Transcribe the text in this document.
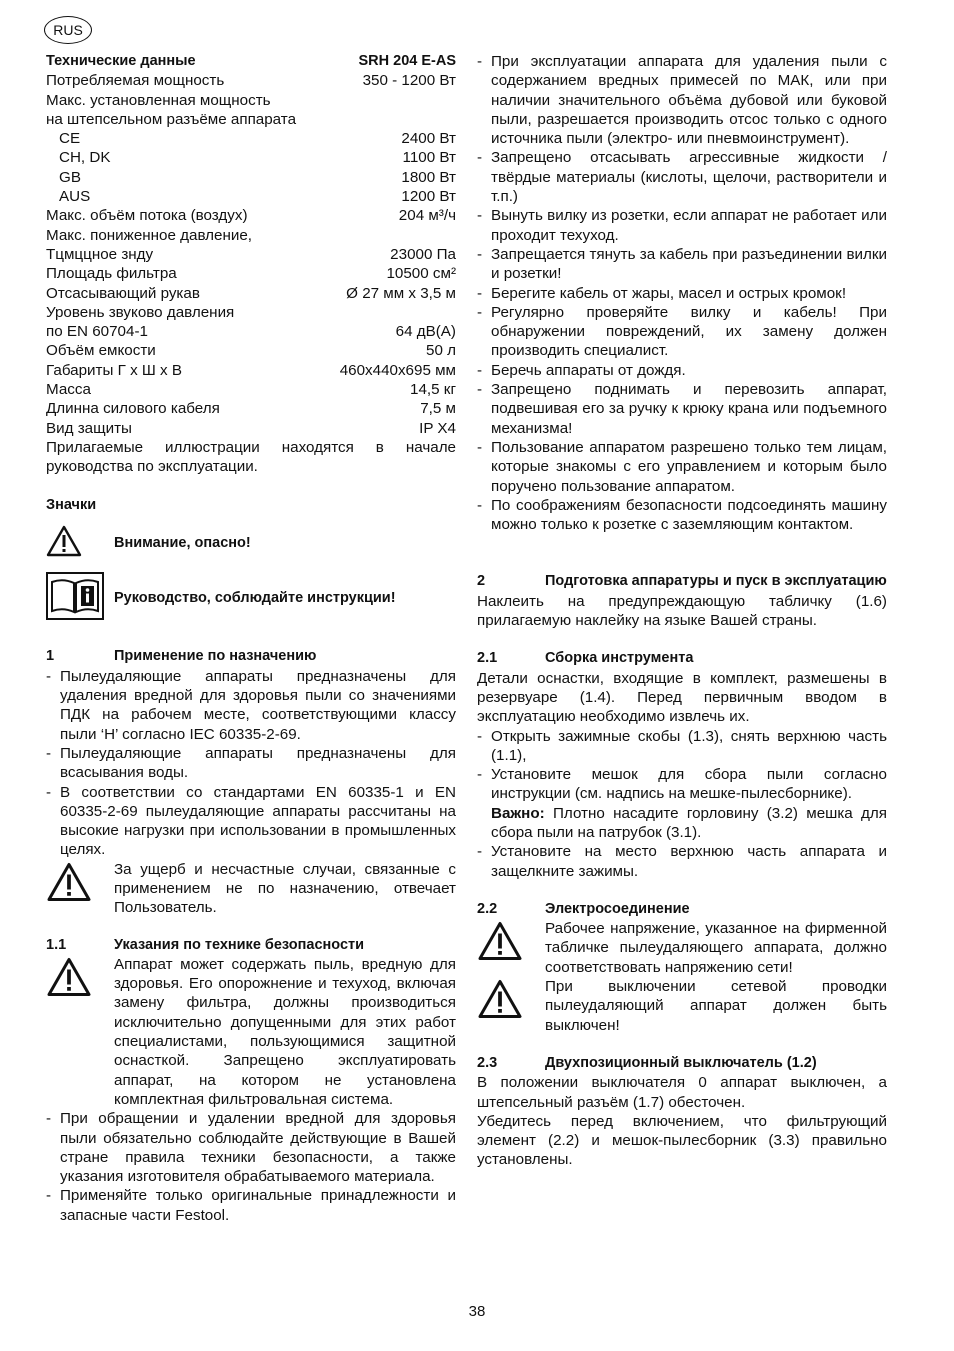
RUS
Технические данные	SRH 204 E-AS
Потребляемая мощность	350 - 1200 Вт
Макс. установленная мощность
на штепсельном разъёме аппарата
CE	2400 Вт
CH, DK	1100 Вт
GB	1800 Вт
AUS	1200 Вт
Макс. объём потока (воздух)	204 м³/ч
Макс. пониженное давление,
Тцмццное знду	23000 Па
Площадь фильтра	10500 см²
Отсасывающий рукав	Ø 27 мм x 3,5 м
Уровень звуково давления
по EN 60704-1	64 дВ(А)
Объём емкости	50 л
Габариты Г x Ш x В	460x440x695 мм
Масса	14,5 кг
Длинна силового кабеля	7,5 м
Вид защиты	IP X4

Прилагаемые иллюстрации находятся в начале руководства по эксплуатации.

Значки
Внимание, опасно!
Руководство, соблюдайте инструкции!
1	Применение по назначению
- Пылеудаляющие аппараты предназначены для удаления вредной для здоровья пыли со значениями ПДК на рабочем месте, соответствующими классу пыли ‘H’ согласно IEC 60335-2-69.
- Пылеудаляющие аппараты предназначены для всасывания воды.
- В соответствии со стандартами EN 60335-1 и EN 60335-2-69 пылеудаляющие аппараты рассчитаны на высокие нагрузки при использовании в промышленных целях.

За ущерб и несчастные случаи, связанные с применением не по назначению, отвечает Пользователь.

1.1	Указания по технике безопасности

Аппарат может содержать пыль, вредную для здоровья. Его опорожнение и техуход, включая замену фильтра, должны производиться исключительно допущенными для этих работ специалистами, пользующимися защитной оснасткой. Запрещено эксплуатировать аппарат, на котором не установлена комплектная фильтровальная система.

- При обращении и удалении вредной для здоровья пыли обязательно соблюдайте действующие в Вашей стране правила техники безопасности, а также указания изготовителя обрабатываемого материала.
- Применяйте только оригинальные принадлежности и запасные части Festool.
- При эксплуатации аппарата для удаления пыли с содержанием вредных примесей по МАК, или при наличии значительного объёма дубовой или буковой пыли, разрешается производить отсос только с одного источника пыли (электро- или пневмоинструмент).
- Запрещено отсасывать агрессивные жидкости / твёрдые материалы (кислоты, щелочи, растворители и т.п.)
- Вынуть вилку из розетки, если аппарат не работает или проходит техуход.
- Запрещается тянуть за кабель при разъединении вилки и розетки!
- Берегите кабель от жары, масел и острых кромок!
- Регулярно проверяйте вилку и кабель! При обнаружении повреждений, их замену должен производить специалист.
- Беречь аппараты от дождя.
- Запрещено поднимать и перевозить аппарат, подвешивая его за ручку к крюку крана или подъемного механизма!
- Пользование аппаратом разрешено только тем лицам, которые знакомы с его управлением и которым было поручено пользование аппаратом.
- По соображениям безопасности подсоединять машину можно только к розетке с заземляющим контактом.
2	Подготовка аппаратуры и пуск в эксплуатацию

Наклеить на предупреждающую табличку (1.6) прилагаемую наклейку на языке Вашей страны.

2.1	Сборка инструмента

Детали оснастки, входящие в комплект, размешены в резервуаре (1.4). Перед первичным вводом в эксплуатацию необходимо извлечь их.

- Открыть зажимные скобы (1.3), снять верхнюю часть (1.1),
- Установите мешок для сбора пыли согласно инструкции (см. надпись на мешке-пылесборнике).

Важно: Плотно насадите горловину (3.2) мешка для сбора пыли на патрубок (3.1).

- Установите на место верхнюю часть аппарата и защелкните зажимы.
2.2	Электросоединение

Рабочее напряжение, указанное на фирменной табличке пылеудаляющего аппарата, должно соответствовать напряжению сети!

При выключении сетевой проводки пылеудаляющий аппарат должен быть выключен!

2.3	Двухпозиционный выключатель (1.2)

В положении выключателя 0 аппарат выключен, а штепсельный разъём (1.7) обесточен.

Убедитесь перед включением, что фильтрующий элемент (2.2) и мешок-пылесборник (3.3) правильно установлены.

38
